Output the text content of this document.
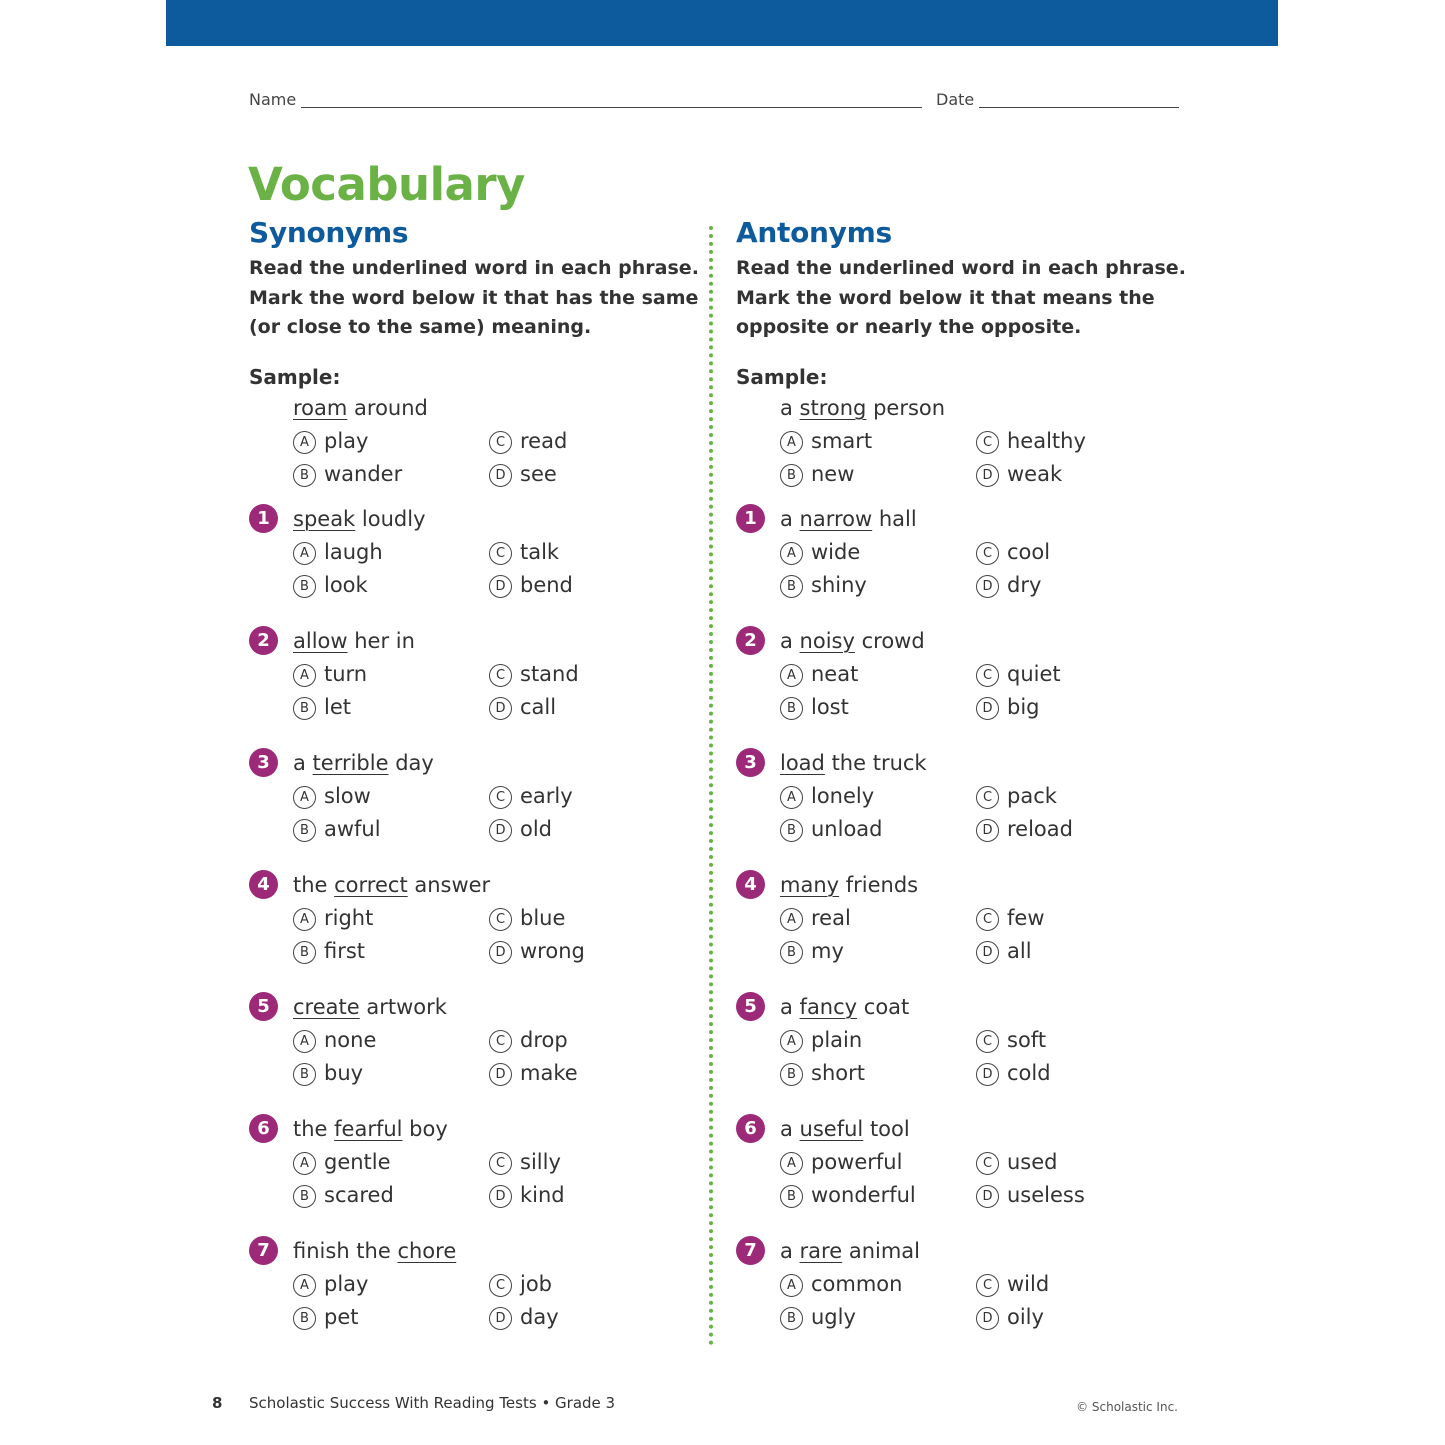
Name	Date
Vocabulary
Synonyms
Read the underlined word in each phrase.
Mark the word below it that has the same
(or close to the same) meaning.
Sample:
roam around
A play
B wander
C read
D see
1	speak loudly
A laugh
B look
C talk
D bend
2	allow her in
A turn
B let
C stand
D call
3	a terrible day
A slow
B awful
C early
D old
4	the correct answer
A right
B first
C blue
D wrong
5	create artwork
A none
B buy
C drop
D make
6	the fearful boy
A gentle
B scared
C silly
D kind
7	finish the chore
A play
B pet
C job
D day
Antonyms
Read the underlined word in each phrase.
Mark the word below it that means the
opposite or nearly the opposite.
Sample:
a strong person
A smart
B new
C healthy
D weak
1	a narrow hall
A wide
B shiny
C cool
D dry
2	a noisy crowd
A neat
B lost
C quiet
D big
3	load the truck
A lonely
B unload
C pack
D reload
4	many friends
A real
B my
C few
D all
5	a fancy coat
A plain
B short
C soft
D cold
6	a useful tool
A powerful
B wonderful
C used
D useless
7	a rare animal
A common
B ugly
C wild
D oily
8 Scholastic Success With Reading Tests • Grade 3	© Scholastic Inc.
